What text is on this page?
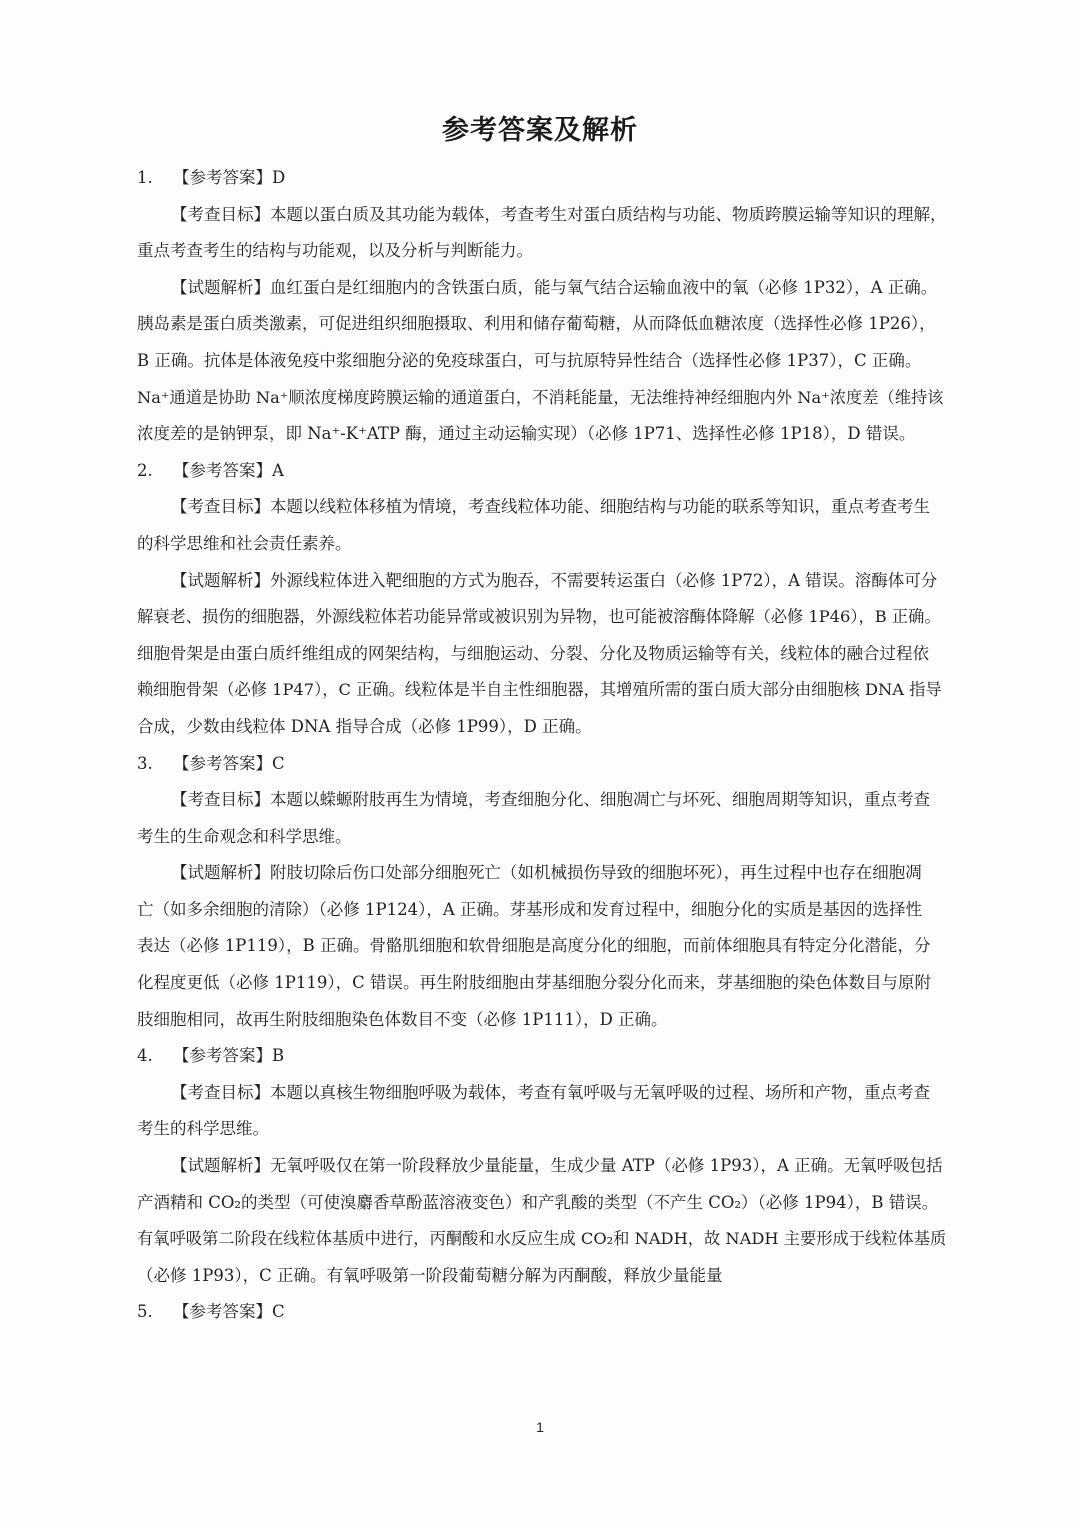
参考答案及解析
1. 【参考答案】D
【考查目标】本题以蛋白质及其功能为载体，考查考生对蛋白质结构与功能、物质跨膜运输等知识的理解，
重点考查考生的结构与功能观，以及分析与判断能力。
【试题解析】血红蛋白是红细胞内的含铁蛋白质，能与氧气结合运输血液中的氧（必修 1P32），A 正确。
胰岛素是蛋白质类激素，可促进组织细胞摄取、利用和储存葡萄糖，从而降低血糖浓度（选择性必修 1P26），
B 正确。抗体是体液免疫中浆细胞分泌的免疫球蛋白，可与抗原特异性结合（选择性必修 1P37），C 正确。
Na⁺通道是协助 Na⁺顺浓度梯度跨膜运输的通道蛋白，不消耗能量，无法维持神经细胞内外 Na⁺浓度差（维持该
浓度差的是钠钾泵，即 Na⁺-K⁺ATP 酶，通过主动运输实现）（必修 1P71、选择性必修 1P18），D 错误。
2. 【参考答案】A
【考查目标】本题以线粒体移植为情境，考查线粒体功能、细胞结构与功能的联系等知识，重点考查考生
的科学思维和社会责任素养。
【试题解析】外源线粒体进入靶细胞的方式为胞吞，不需要转运蛋白（必修 1P72），A 错误。溶酶体可分
解衰老、损伤的细胞器，外源线粒体若功能异常或被识别为异物，也可能被溶酶体降解（必修 1P46），B 正确。
细胞骨架是由蛋白质纤维组成的网架结构，与细胞运动、分裂、分化及物质运输等有关，线粒体的融合过程依
赖细胞骨架（必修 1P47），C 正确。线粒体是半自主性细胞器，其增殖所需的蛋白质大部分由细胞核 DNA 指导
合成，少数由线粒体 DNA 指导合成（必修 1P99），D 正确。
3. 【参考答案】C
【考查目标】本题以蝾螈附肢再生为情境，考查细胞分化、细胞凋亡与坏死、细胞周期等知识，重点考查
考生的生命观念和科学思维。
【试题解析】附肢切除后伤口处部分细胞死亡（如机械损伤导致的细胞坏死），再生过程中也存在细胞凋
亡（如多余细胞的清除）（必修 1P124），A 正确。芽基形成和发育过程中，细胞分化的实质是基因的选择性
表达（必修 1P119），B 正确。骨骼肌细胞和软骨细胞是高度分化的细胞，而前体细胞具有特定分化潜能，分
化程度更低（必修 1P119），C 错误。再生附肢细胞由芽基细胞分裂分化而来，芽基细胞的染色体数目与原附
肢细胞相同，故再生附肢细胞染色体数目不变（必修 1P111），D 正确。
4. 【参考答案】B
【考查目标】本题以真核生物细胞呼吸为载体，考查有氧呼吸与无氧呼吸的过程、场所和产物，重点考查
考生的科学思维。
【试题解析】无氧呼吸仅在第一阶段释放少量能量，生成少量 ATP（必修 1P93），A 正确。无氧呼吸包括
产酒精和 CO₂的类型（可使溴麝香草酚蓝溶液变色）和产乳酸的类型（不产生 CO₂）（必修 1P94），B 错误。
有氧呼吸第二阶段在线粒体基质中进行，丙酮酸和水反应生成 CO₂和 NADH，故 NADH 主要形成于线粒体基质
（必修 1P93），C 正确。有氧呼吸第一阶段葡萄糖分解为丙酮酸，释放少量能量
5. 【参考答案】C
1
